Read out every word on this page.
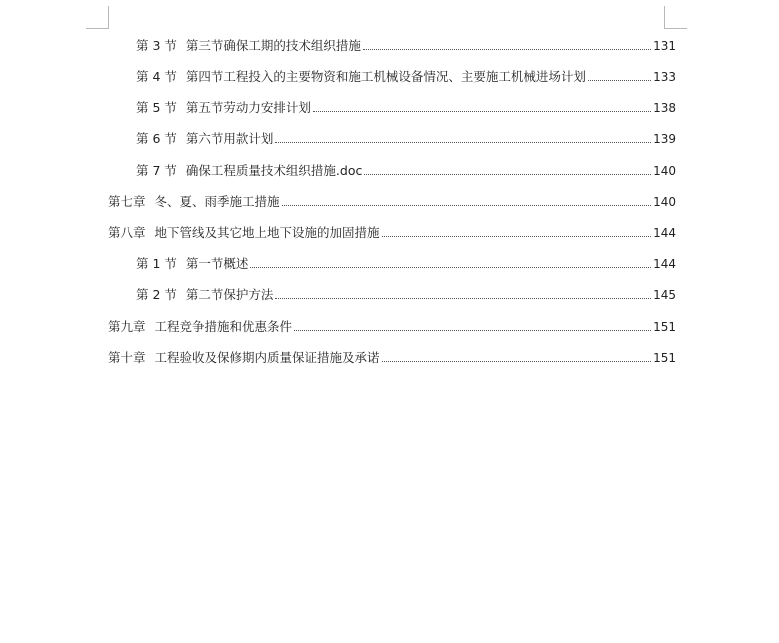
第 3 节 第三节确保工期的技术组织措施	131
第 4 节 第四节工程投入的主要物资和施工机械设备情况、主要施工机械进场计划	133
第 5 节 第五节劳动力安排计划	138
第 6 节 第六节用款计划	139
第 7 节 确保工程质量技术组织措施.doc	140
第七章 冬、夏、雨季施工措施	140
第八章 地下管线及其它地上地下设施的加固措施	144
第 1 节 第一节概述	144
第 2 节 第二节保护方法	145
第九章 工程竞争措施和优惠条件	151
第十章 工程验收及保修期内质量保证措施及承诺	151
